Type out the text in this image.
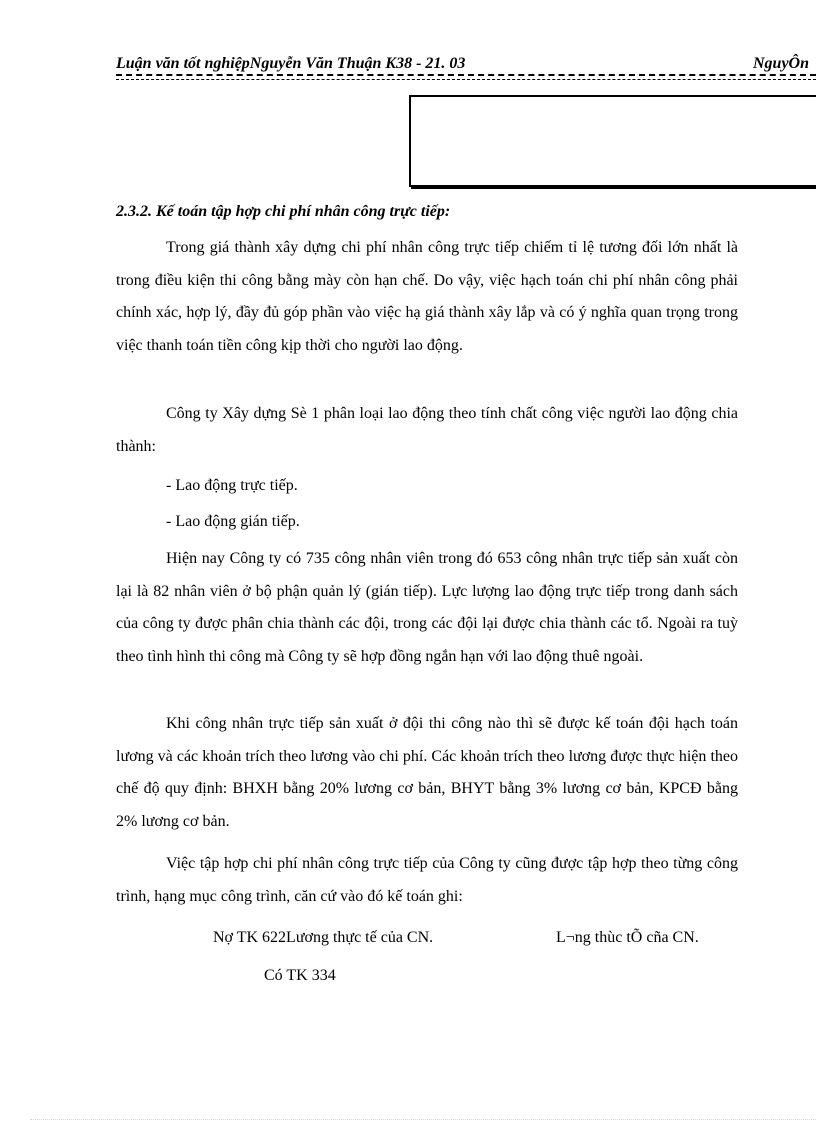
Luận văn tốt nghiệpNguyễn Văn Thuận K38 - 21. 03	NguyÔn
2.3.2. Kế toán tập hợp chi phí nhân công trực tiếp:

Trong giá thành xây dựng chi phí nhân công trực tiếp chiếm tỉ lệ tương đối lớn nhất là trong điều kiện thi công bằng mày còn hạn chế. Do vậy, việc hạch toán chi phí nhân công phải chính xác, hợp lý, đầy đủ góp phần vào việc hạ giá thành xây lắp và có ý nghĩa quan trọng trong việc thanh toán tiền công kịp thời cho người lao động.

Công ty Xây dựng Sè 1 phân loại lao động theo tính chất công việc người lao động chia thành:

- Lao động trực tiếp.
- Lao động gián tiếp.

Hiện nay Công ty có 735 công nhân viên trong đó 653 công nhân trực tiếp sản xuất còn lại là 82 nhân viên ở bộ phận quản lý (gián tiếp). Lực lượng lao động trực tiếp trong danh sách của công ty được phân chia thành các đội, trong các đội lại được chia thành các tổ. Ngoài ra tuỳ theo tình hình thi công mà Công ty sẽ hợp đồng ngắn hạn với lao động thuê ngoài.

Khi công nhân trực tiếp sản xuất ở đội thi công nào thì sẽ được kế toán đội hạch toán lương và các khoản trích theo lương vào chi phí. Các khoản trích theo lương được thực hiện theo chế độ quy định: BHXH bằng 20% lương cơ bản, BHYT bằng 3% lương cơ bản, KPCĐ bằng 2% lương cơ bản.

Việc tập hợp chi phí nhân công trực tiếp của Công ty cũng được tập hợp theo từng công trình, hạng mục công trình, căn cứ vào đó kế toán ghi:

Nợ TK 622Lương thực tế của CN.	L¬ng thùc tÕ cña CN.
Có TK 334
